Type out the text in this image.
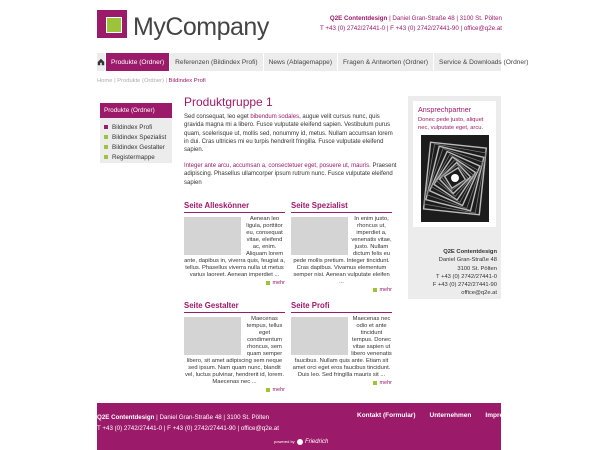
MyCompany	Q2E Contentdesign | Daniel Gran-Straße 48 | 3100 St. Pölten
T +43 (0) 2742/27441-0 | F +43 (0) 2742/27441-90 | office@q2e.at
Produkte (Ordner)	Referenzen (Bildindex Profi)	News (Ablagemappe)	Fragen & Antworten (Ordner)	Service & Downloads (Ordner)
Home | Produkte (Ordner) | Bildindex Profi
Produkte (Ordner)
Bildindex Profi
Bildindex Spezialist
Bildindex Gestalter
Registermappe
Produktgruppe 1
Sed consequat, leo eget bibendum sodales, augue velit cursus nunc, quis gravida magna mi a libero. Fusce vulputate eleifend sapien. Vestibulum purus quam, scelerisque ut, mollis sed, nonummy id, metus. Nullam accumsan lorem in dui. Cras ultricies mi eu turpis hendrerit fringilla. Fusce vulputate eleifend sapien.
Integer ante arcu, accumsan a, consectetuer eget, posuere ut, mauris. Praesent adipiscing. Phasellus ullamcorper ipsum rutrum nunc. Fusce vulputate eleifend sapien
Seite Alleskönner
Aenean leo ligula, porttitor eu, consequat vitae, eleifend ac, enim. Aliquam lorem ante, dapibus in, viverra quis, feugiat a, tellus. Phasellus viverra nulla ut metus varius laoreet. Aenean imperdiet ...
mehr
Seite Spezialist
In enim justo, rhoncus ut, imperdiet a, venenatis vitae, justo. Nullam dictum felis eu pede mollis pretium. Integer tincidunt. Cras dapibus. Vivamus elementum semper nisi. Aenean vulputate eleifen ...
mehr
Seite Gestalter
Maecenas tempus, tellus eget condimentum rhoncus, sem quam semper libero, sit amet adipiscing sem neque sed ipsum. Nam quam nunc, blandit vel, luctus pulvinar, hendrerit id, lorem. Maecenas nec ...
mehr
Seite Profi
Maecenas nec odio et ante tincidunt tempus. Donec vitae sapien ut libero venenatis faucibus. Nullam quis ante. Etiam sit amet orci eget eros faucibus tincidunt. Duis leo. Sed fringilla mauris sit ...
mehr
Ansprechpartner
Donec pede justo, aliquet nec, vulputate eget, arcu.
Q2E Contentdesign
Daniel Gran-Straße 48
3100 St. Pölten
T +43 (0) 2742/27441-0
F +43 (0) 2742/27441-90
office@q2e.at
Q2E Contentdesign | Daniel Gran-Straße 48 | 3100 St. Pölten
T +43 (0) 2742/27441-0 | F +43 (0) 2742/27441-90 | office@q2e.at
Kontakt (Formular) Unternehmen Impressum
powered by Friedrich
